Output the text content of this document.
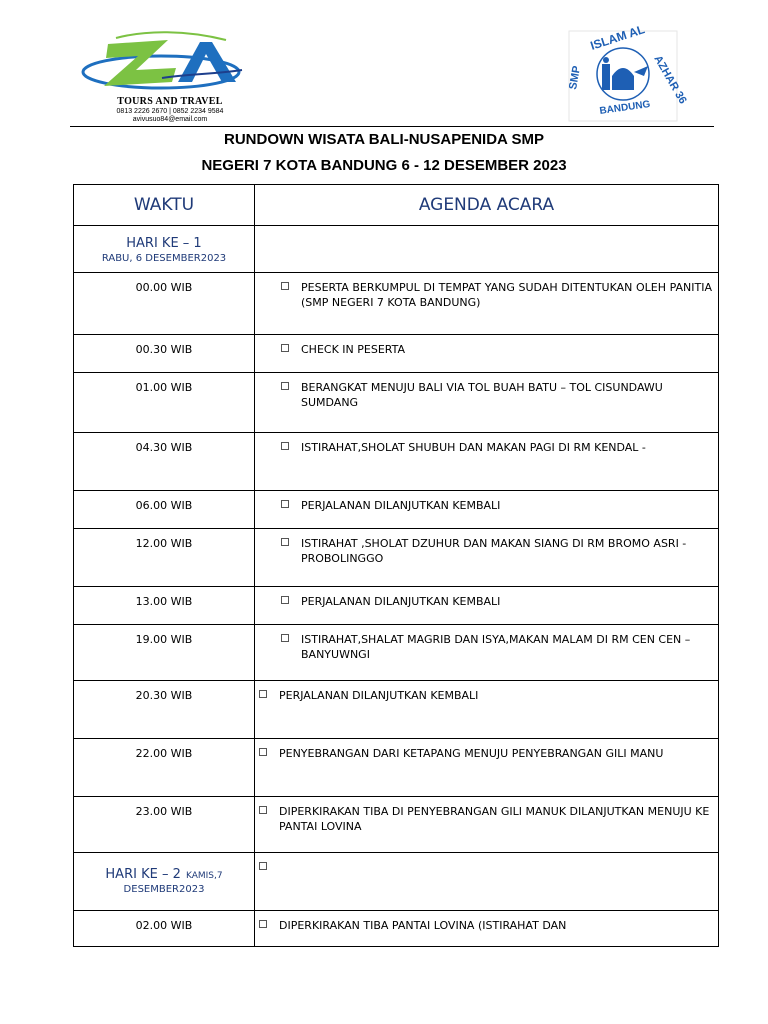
TOURS AND TRAVEL
0813 2226 2670 | 0852 2234 9584
avivusuo84@email.com
SMP
ISLAM AL
AZHAR 36
BANDUNG
RUNDOWN WISATA BALI-NUSAPENIDA SMP
NEGERI 7 KOTA BANDUNG 6 - 12 DESEMBER 2023
WAKTU	AGENDA ACARA

HARI KE – 1
RABU, 6 DESEMBER2023	

00.00 WIB	PESERTA BERKUMPUL DI TEMPAT YANG SUDAH DITENTUKAN OLEH PANITIA (SMP NEGERI 7 KOTA BANDUNG)

00.30 WIB	CHECK IN PESERTA

01.00 WIB	BERANGKAT MENUJU BALI VIA TOL BUAH BATU – TOL CISUNDAWU SUMDANG

04.30 WIB	ISTIRAHAT,SHOLAT SHUBUH DAN MAKAN PAGI DI RM KENDAL -

06.00 WIB	PERJALANAN DILANJUTKAN KEMBALI

12.00 WIB	ISTIRAHAT ,SHOLAT DZUHUR DAN MAKAN SIANG DI RM BROMO ASRI - PROBOLINGGO

13.00 WIB	PERJALANAN DILANJUTKAN KEMBALI

19.00 WIB	ISTIRAHAT,SHALAT MAGRIB DAN ISYA,MAKAN MALAM DI RM CEN CEN – BANYUWNGI

20.30 WIB	PERJALANAN DILANJUTKAN KEMBALI

22.00 WIB	PENYEBRANGAN DARI KETAPANG MENUJU PENYEBRANGAN GILI MANU

23.00 WIB	DIPERKIRAKAN TIBA DI PENYEBRANGAN GILI MANUK DILANJUTKAN MENUJU KE PANTAI LOVINA

HARI KE – 2 KAMIS,7
DESEMBER2023	

02.00 WIB	DIPERKIRAKAN TIBA PANTAI LOVINA (ISTIRAHAT DAN
